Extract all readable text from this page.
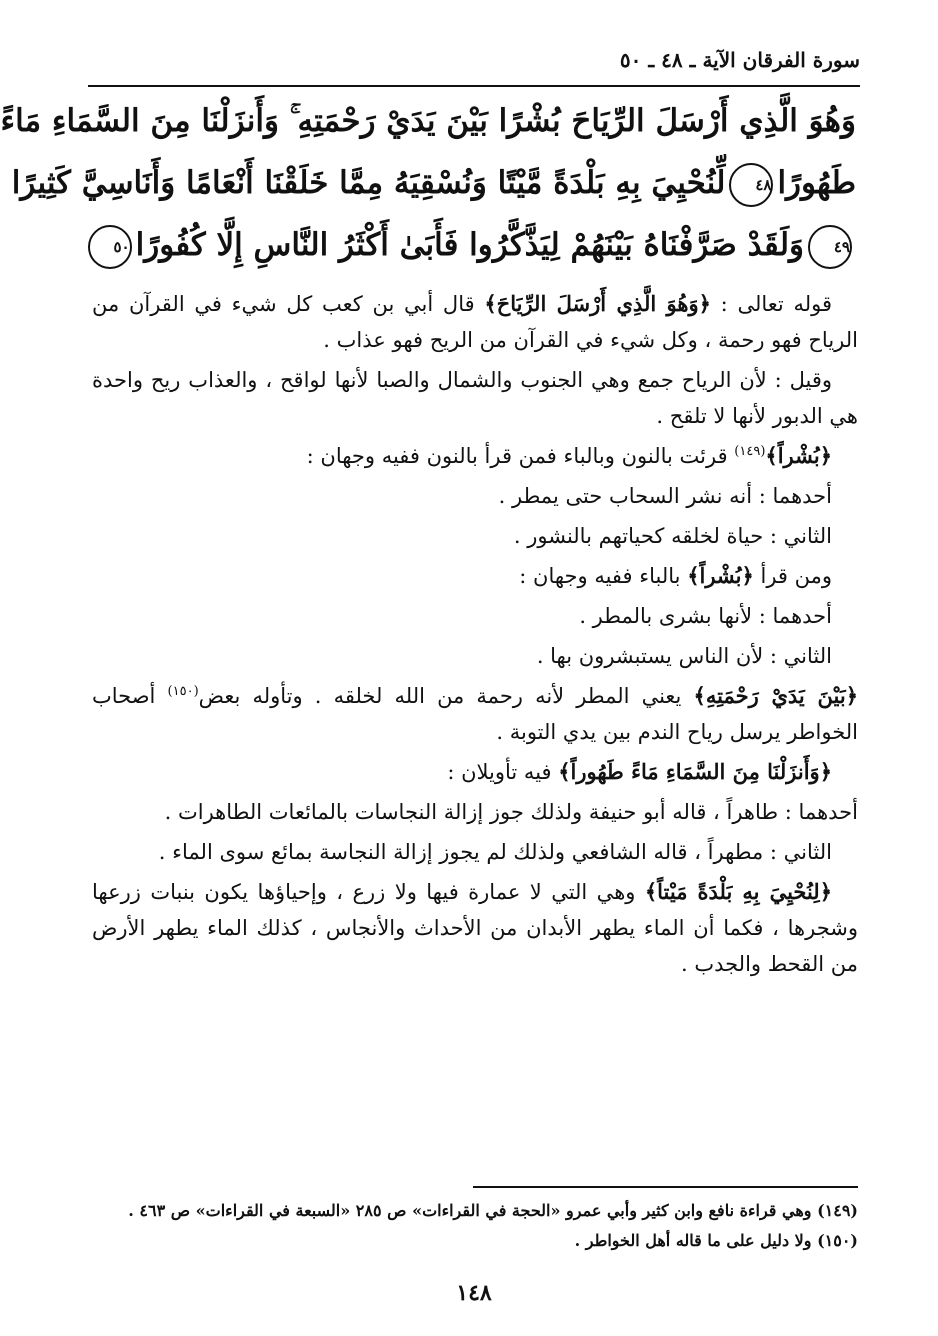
سورة الفرقان الآية ـ ٤٨ ـ ٥٠
وَهُوَ الَّذِي أَرْسَلَ الرِّيَاحَ بُشْرًا بَيْنَ يَدَيْ رَحْمَتِهِ ۚ وَأَنزَلْنَا مِنَ السَّمَاءِ مَاءً
طَهُورًا٤٨لِّنُحْيِيَ بِهِ بَلْدَةً مَّيْتًا وَنُسْقِيَهُ مِمَّا خَلَقْنَا أَنْعَامًا وَأَنَاسِيَّ كَثِيرًا
٤٩وَلَقَدْ صَرَّفْنَاهُ بَيْنَهُمْ لِيَذَّكَّرُوا فَأَبَىٰ أَكْثَرُ النَّاسِ إِلَّا كُفُورًا٥٠

قوله تعالى : ﴿وَهُوَ الَّذِي أَرْسَلَ الرِّيَاحَ﴾ قال أبي بن كعب كل شيء في القرآن من الرياح فهو رحمة ، وكل شيء في القرآن من الريح فهو عذاب .

وقيل : لأن الرياح جمع وهي الجنوب والشمال والصبا لأنها لواقح ، والعذاب ريح واحدة هي الدبور لأنها لا تلقح .

﴿بُشْراً﴾$^{(١٤٩)}$ قرئت بالنون وبالباء فمن قرأ بالنون ففيه وجهان :

أحدهما : أنه نشر السحاب حتى يمطر .

الثاني : حياة لخلقه كحياتهم بالنشور .

ومن قرأ ﴿بُشْراً﴾ بالباء ففيه وجهان :

أحدهما : لأنها بشرى بالمطر .

الثاني : لأن الناس يستبشرون بها .

﴿بَيْنَ يَدَيْ رَحْمَتِهِ﴾ يعني المطر لأنه رحمة من الله لخلقه . وتأوله بعض$^{(١٥٠)}$ أصحاب الخواطر يرسل رياح الندم بين يدي التوبة .

﴿وَأَنزَلْنَا مِنَ السَّمَاءِ مَاءً طَهُوراً﴾ فيه تأويلان :

أحدهما : طاهراً ، قاله أبو حنيفة ولذلك جوز إزالة النجاسات بالمائعات الطاهرات .

الثاني : مطهراً ، قاله الشافعي ولذلك لم يجوز إزالة النجاسة بمائع سوى الماء .

﴿لِنُحْيِيَ بِهِ بَلْدَةً مَيْتاً﴾ وهي التي لا عمارة فيها ولا زرع ، وإحياؤها يكون بنبات زرعها وشجرها ، فكما أن الماء يطهر الأبدان من الأحداث والأنجاس ، كذلك الماء يطهر الأرض من القحط والجدب .

(١٤٩) وهي قراءة نافع وابن كثير وأبي عمرو «الحجة في القراءات» ص ٢٨٥ «السبعة في القراءات» ص ٤٦٣ .
(١٥٠) ولا دليل على ما قاله أهل الخواطر .
١٤٨
